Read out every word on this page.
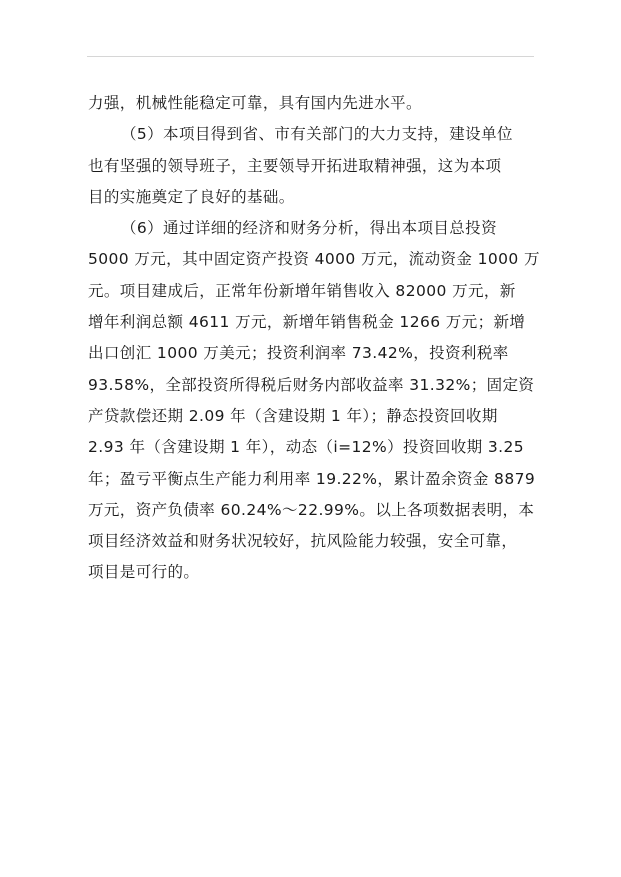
力强，机械性能稳定可靠，具有国内先进水平。
（5）本项目得到省、市有关部门的大力支持，建设单位
也有坚强的领导班子，主要领导开拓进取精神强，这为本项
目的实施奠定了良好的基础。
（6）通过详细的经济和财务分析，得出本项目总投资
5000 万元，其中固定资产投资 4000 万元，流动资金 1000 万
元。项目建成后，正常年份新增年销售收入 82000 万元，新
增年利润总额 4611 万元，新增年销售税金 1266 万元；新增
出口创汇 1000 万美元；投资利润率 73.42%，投资利税率
93.58%，全部投资所得税后财务内部收益率 31.32%；固定资
产贷款偿还期 2.09 年（含建设期 1 年）；静态投资回收期
2.93 年（含建设期 1 年），动态（i=12%）投资回收期 3.25
年；盈亏平衡点生产能力利用率 19.22%，累计盈余资金 8879
万元，资产负债率 60.24%～22.99%。以上各项数据表明，本
项目经济效益和财务状况较好，抗风险能力较强，安全可靠，
项目是可行的。
